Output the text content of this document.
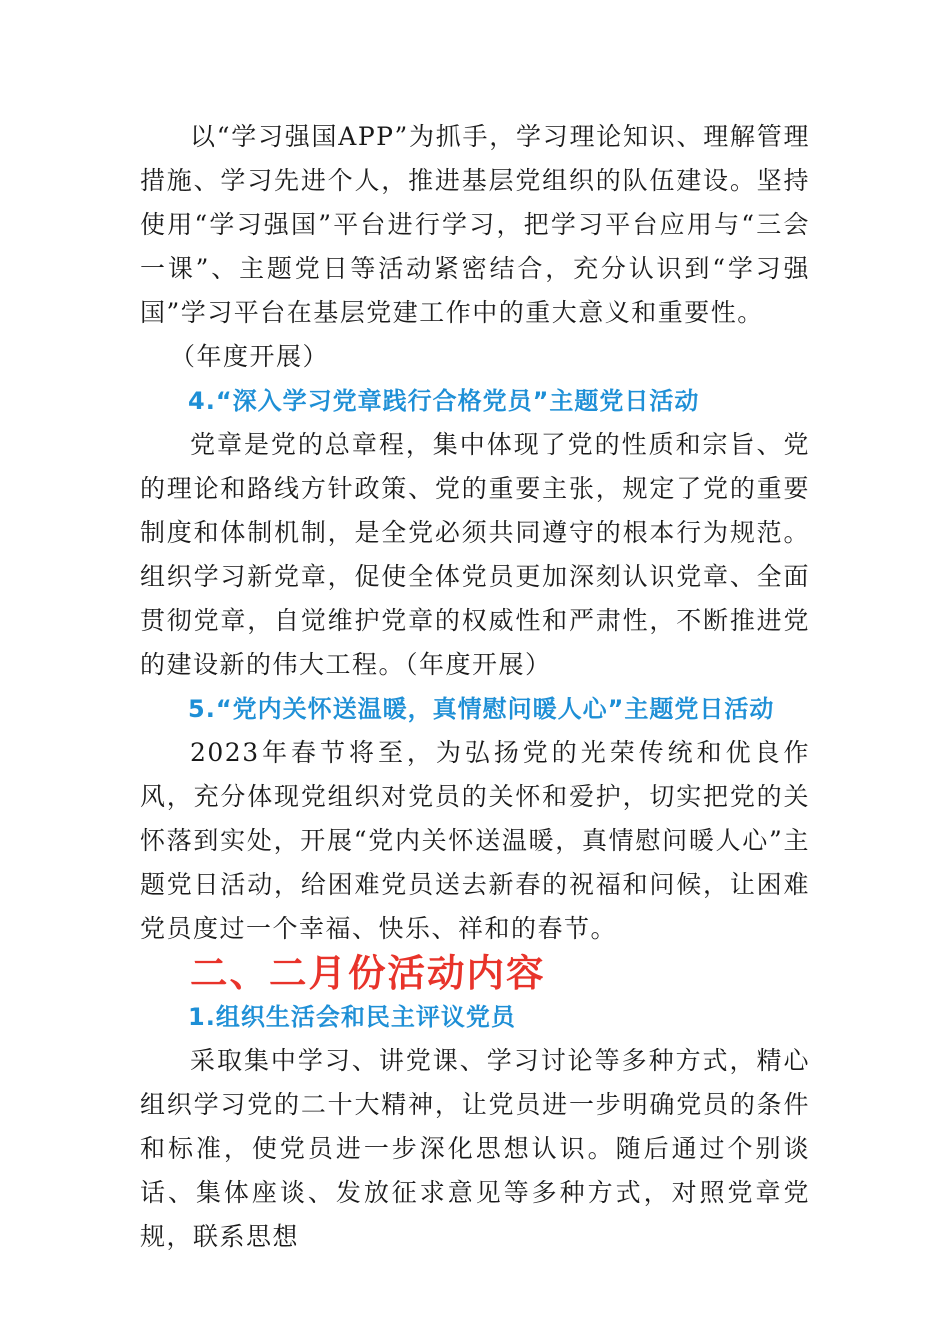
以“学习强国APP”为抓手，学习理论知识、理解管理措施、学习先进个人，推进基层党组织的队伍建设。坚持使用“学习强国”平台进行学习，把学习平台应用与“三会一课”、主题党日等活动紧密结合，充分认识到“学习强国”学习平台在基层党建工作中的重大意义和重要性。

（年度开展）

4.“深入学习党章践行合格党员”主题党日活动

党章是党的总章程，集中体现了党的性质和宗旨、党的理论和路线方针政策、党的重要主张，规定了党的重要制度和体制机制，是全党必须共同遵守的根本行为规范。组织学习新党章，促使全体党员更加深刻认识党章、全面贯彻党章，自觉维护党章的权威性和严肃性，不断推进党的建设新的伟大工程。（年度开展）

5.“党内关怀送温暖，真情慰问暖人心”主题党日活动

2023年春节将至，为弘扬党的光荣传统和优良作风，充分体现党组织对党员的关怀和爱护，切实把党的关怀落到实处，开展“党内关怀送温暖，真情慰问暖人心”主题党日活动，给困难党员送去新春的祝福和问候，让困难党员度过一个幸福、快乐、祥和的春节。

二、二月份活动内容
1.组织生活会和民主评议党员

采取集中学习、讲党课、学习讨论等多种方式，精心组织学习党的二十大精神，让党员进一步明确党员的条件和标准，使党员进一步深化思想认识。随后通过个别谈话、集体座谈、发放征求意见等多种方式，对照党章党规，联系思想
